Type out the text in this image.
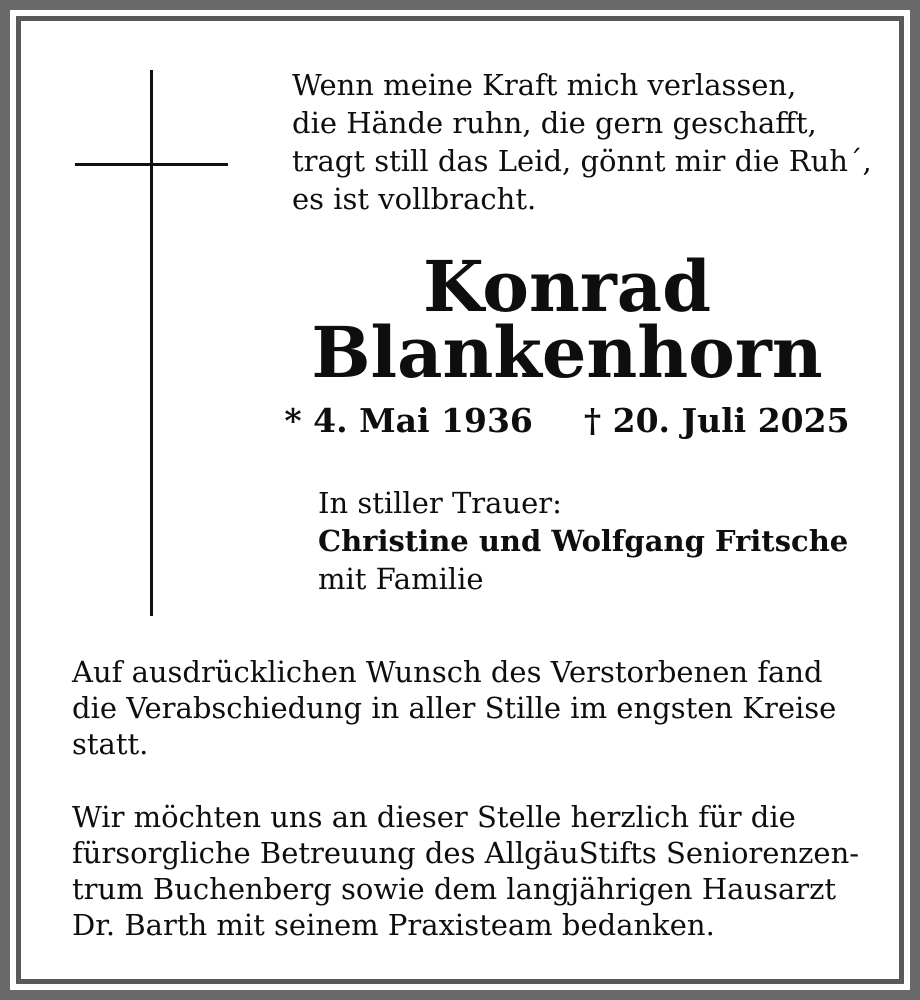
Wenn meine Kraft mich verlassen,
die Hände ruhn, die gern geschafft,
tragt still das Leid, gönnt mir die Ruh´,
es ist vollbracht.
Konrad
Blankenhorn
* 4. Mai 1936 † 20. Juli 2025
In stiller Trauer:
Christine und Wolfgang Fritsche
mit Familie
Auf ausdrücklichen Wunsch des Verstorbenen fand
die Verabschiedung in aller Stille im engsten Kreise
statt.
Wir möchten uns an dieser Stelle herzlich für die
fürsorgliche Betreuung des AllgäuStifts Seniorenzen-
trum Buchenberg sowie dem langjährigen Hausarzt
Dr. Barth mit seinem Praxisteam bedanken.
